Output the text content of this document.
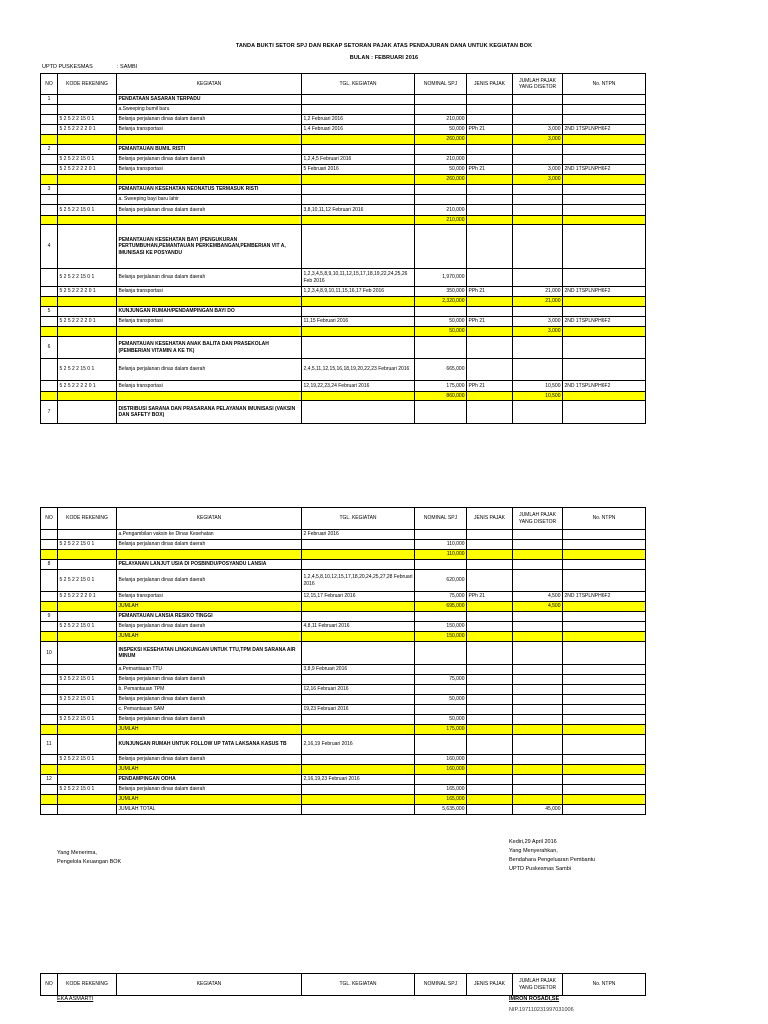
TANDA BUKTI SETOR SPJ DAN REKAP SETORAN PAJAK ATAS PENDAJURAN DANA UNTUK KEGIATAN BOK
BULAN : FEBRUARI 2016
UPTD PUSKESMAS	: SAMBI
NO	KODE REKENING	KEGIATAN	TGL. KEGIATAN	NOMINAL SPJ	JENIS PAJAK	JUMLAH PAJAK YANG DISETOR	No. NTPN
1		PENDATAAN SASARAN TERPADU					
		a.Sweeping bumil baru					
	5 2 5 2 2 15 0 1	Belanja perjalanan dinas dalam daerah	1,2 Februari 2016	210,000			
	5 2 5 2 2 2 2 0 1	Belanja transportasi	1,4 Februari 2016	50,000	PPh 21	3,000	2ND 1TSPLNPH6F2
				260,000		3,000	
2		PEMANTAUAN BUMIL RISTI					
	5 2 5 2 2 15 0 1	Belanja perjalanan dinas dalam daerah	1,2,4,5 Februari 2016	210,000			
	5 2 5 2 2 2 2 0 1	Belanja transportasi	5 Februari 2016	50,000	PPh 21	3,000	2ND 1TSPLNPH6F2
				260,000		3,000	
3		PEMANTAUAN KESEHATAN NEONATUS TERMASUK RISTI					
		a. Sweeping bayi baru lahir					
	5 2 5 2 2 15 0 1	Belanja perjalanan dinas dalam daerah	3,8,10,11,12 Februari 2016	210,000			
				210,000			
4		PEMANTAUAN KESEHATAN BAYI (PENGUKURAN PERTUMBUHAN,PEMANTAUAN PERKEMBANGAN,PEMBERIAN VIT A, IMUNISASI KE POSYANDU					
	5 2 5 2 2 15 0 1	Belanja perjalanan dinas dalam daerah	1,2,3,4,5,8,9,10,11,12,15,17,18,19,22,24,25,26 Feb 2016	1,970,000			
	5 2 5 2 2 2 2 0 1	Belanja transportasi	1,2,3,4,8,9,10,11,15,16,17 Feb 2016	350,000	PPh 21	21,000	2ND 1TSPLNPH6F2
				2,320,000		21,000	
5		KUNJUNGAN RUMAH/PENDAMPINGAN BAYI DO					
	5 2 5 2 2 2 2 0 1	Belanja transportasi	11,15 Februari 2016	50,000	PPh 21	3,000	2ND 1TSPLNPH6F2
				50,000		3,000	
6		PEMANTAUAN KESEHATAN ANAK BALITA DAN PRASEKOLAH (PEMBERIAN VITAMIN A KE TK)					
	5 2 5 2 2 15 0 1	Belanja perjalanan dinas dalam daerah	2,4,5,11,12,15,16,18,19,20,22,23 Februari 2016	665,000			
	5 2 5 2 2 2 2 0 1	Belanja transportasi	12,19,22,23,24 Februari 2016	175,000	PPh 21	10,500	2ND 1TSPLNPH6F2
				860,000		10,500	
7		DISTRIBUSI SARANA DAN PRASARANA PELAYANAN IMUNISASI (VAKSIN DAN SAFETY BOX)					
NO	KODE REKENING	KEGIATAN	TGL. KEGIATAN	NOMINAL SPJ	JENIS PAJAK	JUMLAH PAJAK YANG DISETOR	No. NTPN
		a.Pengambilan vaksin ke Dinas Kesehatan	2 Februari 2016				
	5 2 5 2 2 15 0 1	Belanja perjalanan dinas dalam daerah		110,000			
				110,000			
8		PELAYANAN LANJUT USIA DI POSBINDU/POSYANDU LANSIA					
	5 2 5 2 2 15 0 1	Belanja perjalanan dinas dalam daerah	1,2,4,5,8,10,12,15,17,18,20,24,25,27,28 Februari 2016	620,000			
	5 2 5 2 2 2 2 0 1	Belanja transportasi	12,15,17 Februari 2016	75,000	PPh 21	4,500	2ND 1TSPLNPH6F2
		JUMLAH		695,000		4,500	
9		PEMANTAUAN LANSIA RESIKO TINGGI					
	5 2 5 2 2 15 0 1	Belanja perjalanan dinas dalam daerah	4,8,11 Februari 2016	150,000			
		JUMLAH		150,000			
10		INSPEKSI KESEHATAN LINGKUNGAN UNTUK TTU,TPM DAN SARANA AIR MINUM					
		a.Pemantauan TTU	3,8,9 Februari 2016				
	5 2 5 2 2 15 0 1	Belanja perjalanan dinas dalam daerah		75,000			
		b. Pemantauan TPM	12,16 Februari 2016				
	5 2 5 2 2 15 0 1	Belanja perjalanan dinas dalam daerah		50,000			
		c. Pemantauan SAM	19,23 Februari 2016				
	5 2 5 2 2 15 0 1	Belanja perjalanan dinas dalam daerah		50,000			
		JUMLAH		175,000			
11		KUNJUNGAN RUMAH UNTUK FOLLOW UP TATA LAKSANA KASUS TB	2,16,19 Februari 2016				
	5 2 5 2 2 15 0 1	Belanja perjalanan dinas dalam daerah		160,000			
		JUMLAH		160,000			
12		PENDAMPINGAN ODHA	2,16,19,23 Februari 2016				
	5 2 5 2 2 15 0 1	Belanja perjalanan dinas dalam daerah		165,000			
		JUMLAH		165,000			
		JUMLAH TOTAL		5,635,000		45,000	
Yang Menerima,
Pengelola Keuangan BOK
Kediri,29 April 2016
Yang Menyerahkan,
Bendahara Pengeluaran Pembantu
UPTD Puskesmas Sambi
NO	KODE REKENING	KEGIATAN	TGL. KEGIATAN	NOMINAL SPJ	JENIS PAJAK	JUMLAH PAJAK YANG DISETOR	No. NTPN
EKA ASMARTI	IMRON ROSADI,SE
NIP.197110231997031006
